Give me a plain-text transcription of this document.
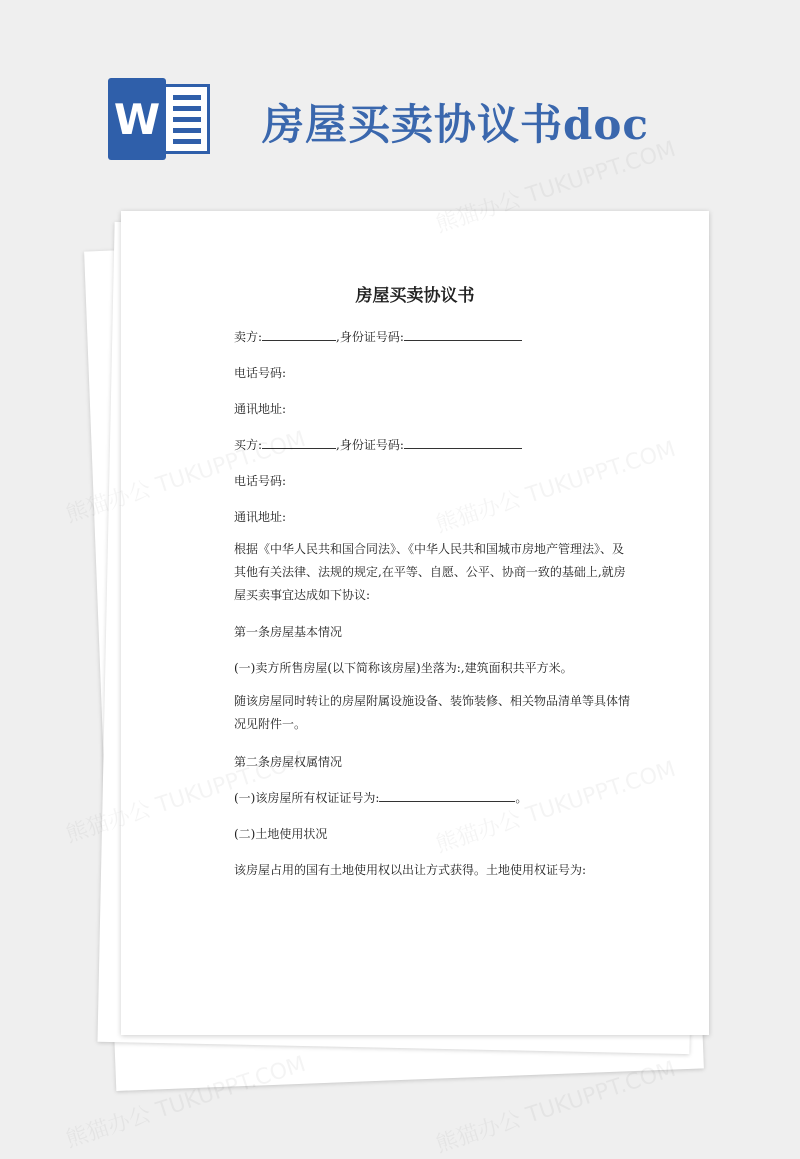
W 房屋买卖协议书doc
房屋买卖协议书
卖方:	,身份证号码:
电话号码:
通讯地址:
买方:	,身份证号码:
电话号码:
通讯地址:
根据《中华人民共和国合同法》、《中华人民共和国城市房地产管理法》、及其他有关法律、法规的规定,在平等、自愿、公平、协商一致的基础上,就房屋买卖事宜达成如下协议:
第一条房屋基本情况
(一)卖方所售房屋(以下简称该房屋)坐落为:,建筑面积共平方米。
随该房屋同时转让的房屋附属设施设备、装饰装修、相关物品清单等具体情况见附件一。
第二条房屋权属情况
(一)该房屋所有权证证号为:	。
(二)土地使用状况
该房屋占用的国有土地使用权以出让方式获得。土地使用权证号为:
